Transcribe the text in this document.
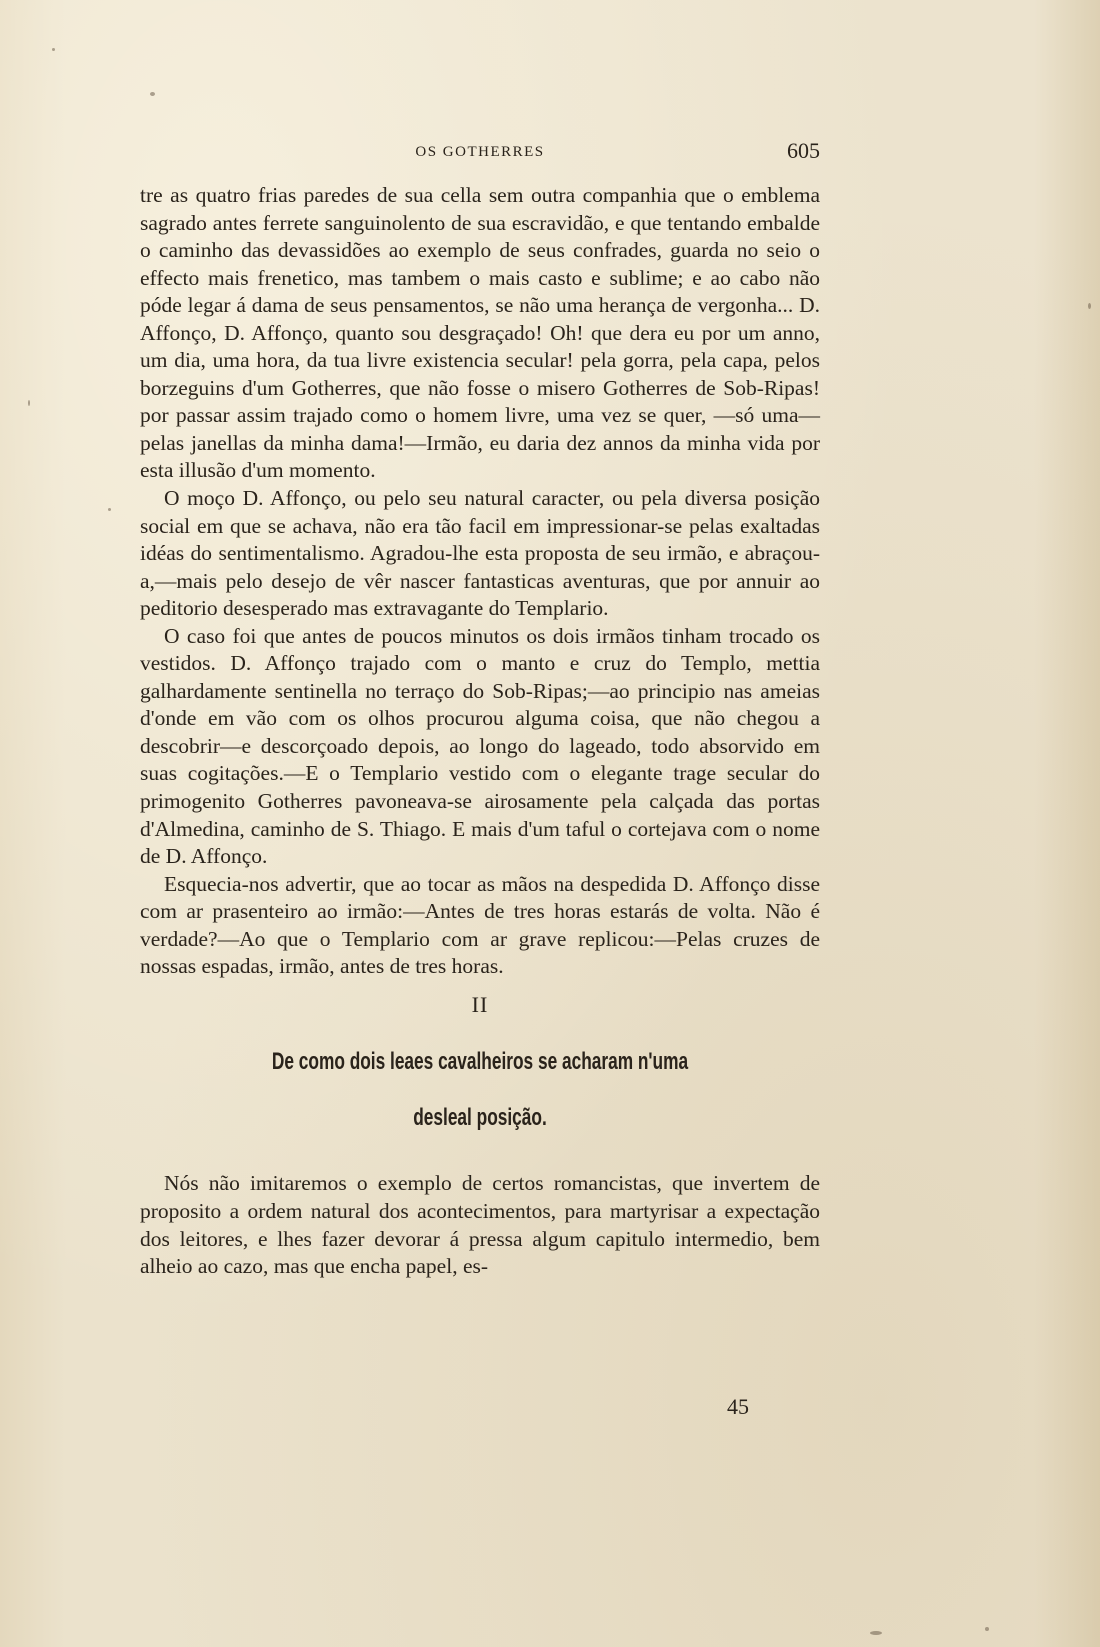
OS GOTHERRES	605

tre as quatro frias paredes de sua cella sem outra companhia que o emblema sagrado antes ferrete sanguinolento de sua escravidão, e que tentando embalde o caminho das devassidões ao exemplo de seus confrades, guarda no seio o effecto mais frenetico, mas tambem o mais casto e sublime; e ao cabo não póde legar á dama de seus pensamentos, se não uma herança de vergonha... D. Affonço, D. Affonço, quanto sou desgraçado! Oh! que dera eu por um anno, um dia, uma hora, da tua livre existencia secular! pela gorra, pela capa, pelos borzeguins d'um Gotherres, que não fosse o misero Gotherres de Sob-Ripas! por passar assim trajado como o homem livre, uma vez se quer, —só uma—pelas janellas da minha dama!—Irmão, eu daria dez annos da minha vida por esta illusão d'um momento.

O moço D. Affonço, ou pelo seu natural caracter, ou pela diversa posição social em que se achava, não era tão facil em impressionar-se pelas exaltadas idéas do sentimentalismo. Agradou-lhe esta proposta de seu irmão, e abraçou-a,—mais pelo desejo de vêr nascer fantasticas aventuras, que por annuir ao peditorio desesperado mas extravagante do Templario.

O caso foi que antes de poucos minutos os dois irmãos tinham trocado os vestidos. D. Affonço trajado com o manto e cruz do Templo, mettia galhardamente sentinella no terraço do Sob-Ripas;—ao principio nas ameias d'onde em vão com os olhos procurou alguma coisa, que não chegou a descobrir—e descorçoado depois, ao longo do lageado, todo absorvido em suas cogitações.—E o Templario vestido com o elegante trage secular do primogenito Gotherres pavoneava-se airosamente pela calçada das portas d'Almedina, caminho de S. Thiago. E mais d'um taful o cortejava com o nome de D. Affonço.

Esquecia-nos advertir, que ao tocar as mãos na despedida D. Affonço disse com ar prasenteiro ao irmão:—Antes de tres horas estarás de volta. Não é verdade?—Ao que o Templario com ar grave replicou:—Pelas cruzes de nossas espadas, irmão, antes de tres horas.

II
De como dois leaes cavalheiros se acharam n'uma
desleal posição.

Nós não imitaremos o exemplo de certos romancistas, que invertem de proposito a ordem natural dos acontecimentos, para martyrisar a expectação dos leitores, e lhes fazer devorar á pressa algum capitulo intermedio, bem alheio ao cazo, mas que encha papel, es-

45
